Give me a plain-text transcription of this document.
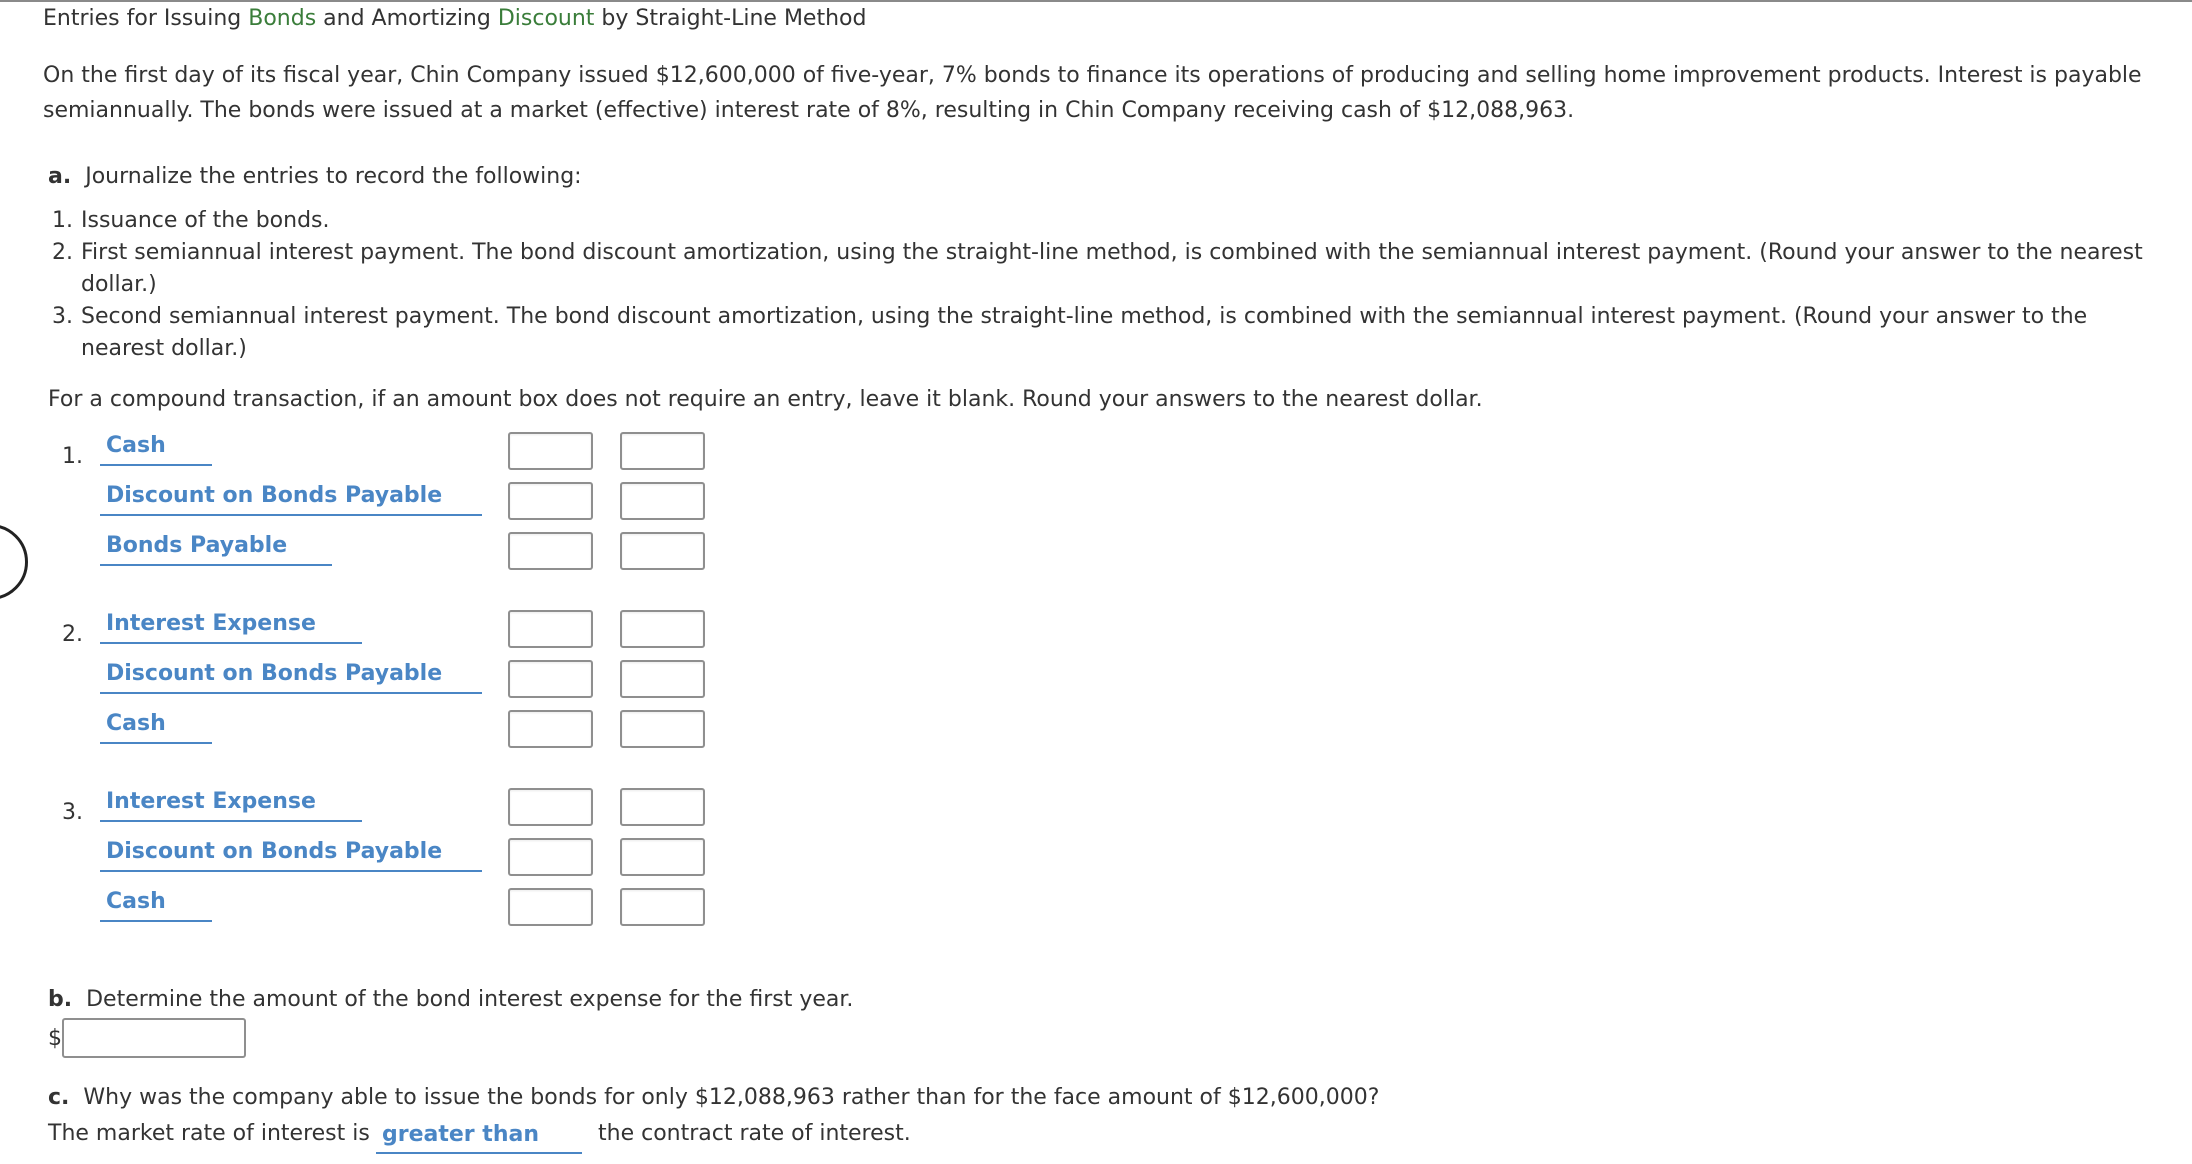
Entries for Issuing Bonds and Amortizing Discount by Straight-Line Method
On the first day of its fiscal year, Chin Company issued $12,600,000 of five-year, 7% bonds to finance its operations of producing and selling home improvement products. Interest is payable semiannually. The bonds were issued at a market (effective) interest rate of 8%, resulting in Chin Company receiving cash of $12,088,963.
a. Journalize the entries to record the following:
1. Issuance of the bonds.
2. First semiannual interest payment. The bond discount amortization, using the straight-line method, is combined with the semiannual interest payment. (Round your answer to the nearest dollar.)
3. Second semiannual interest payment. The bond discount amortization, using the straight-line method, is combined with the semiannual interest payment. (Round your answer to the nearest dollar.)
For a compound transaction, if an amount box does not require an entry, leave it blank. Round your answers to the nearest dollar.
1. Cash
Discount on Bonds Payable
Bonds Payable
2. Interest Expense
Discount on Bonds Payable
Cash
3. Interest Expense
Discount on Bonds Payable
Cash
b. Determine the amount of the bond interest expense for the first year.
$
c. Why was the company able to issue the bonds for only $12,088,963 rather than for the face amount of $12,600,000?
The market rate of interest is greater than	the contract rate of interest.
